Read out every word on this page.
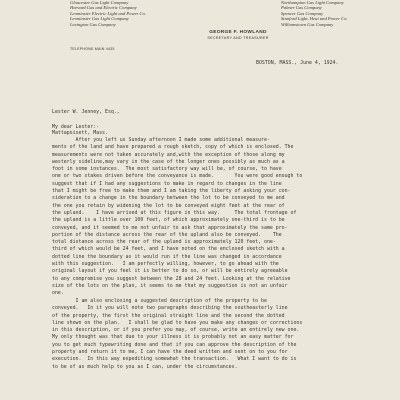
Gloucester Gas Light Company
Harvard Gas and Electric Company
Leominster Electric Light and Power Co.
Leominster Gas Light Company
Lexington Gas Company
Northampton Gas Light Company
Palmer Gas Company
Spencer Gas Company
Stanford Light, Heat and Power Co.
Williamstown Gas Company
GEORGE F. HOWLAND
SECRETARY AND TREASURER
TELEPHONE MAIN 4435
BOSTON, MASS., June 4, 1924.

Lester W. Jenney, Esq.,

Mattapoisett, Mass.

My dear Lester:-
After you left us Sunday afternoon I made some additional measure-
ments of the land and have prepared a rough sketch, copy of which is enclosed. The
measurements were not taken accurately and,with the exception of those along my
westerly sideline,may vary in the case of the longer ones possibly as much as a
foot in some instances.  The most satisfactory way will be, of course, to have
one or two stakes driven before the conveyance is made.       You were good enough to
suggest that if I had any suggestions to make in regard to changes in the line
that I might be free to make them and I am taking the liberty of asking your con-
sideration to a change in the boundary between the lot to be conveyed to me and
the one you retain by widening the lot to be conveyed eight feet at the rear of
the upland.    I have arrived at this figure in this way.     The total frontage of
the upland is a little over 100 feet, of which approximately one-third is to be
conveyed, and it seemed to me not unfair to ask that approximately the same pro-
portion of the distance across the rear of the upland also be conveyed.    The
total distance across the rear of the upland is approximately 120 feet, one-
third of which would be 24 feet, and I have noted on the enclosed sketch with a
dotted line the boundary as it would run if the line was changed in accordance
with this suggestion.   I am perfectly willing, however, to go ahead with the
original layout if you feel it is better to do so, or will be entirely agreeable
to any compromise you suggest between the 28 and 24 feet. Looking at the relative
size of the lots on the plan, it seems to me that my suggestion is not an unfair
one.
I am also enclosing a suggested description of the property to be
conveyed.   In it you will note two paragraphs describing the southeasterly line
of the property, the first the original straight line and the second the dotted
line shown on the plan.   I shall be glad to have you make any changes or corrections
in this description, or if you prefer you may, of course, write an entirely new one.
My only thought was that due to your illness it is probably not an easy matter for
you to get much typewriting done and that if you can approve the description of the
property and return it to me, I can have the deed written and sent on to you for
execution.  In this way expediting somewhat the transaction.   What I want to do is
to be of as much help to you as I can, under the circumstances.
